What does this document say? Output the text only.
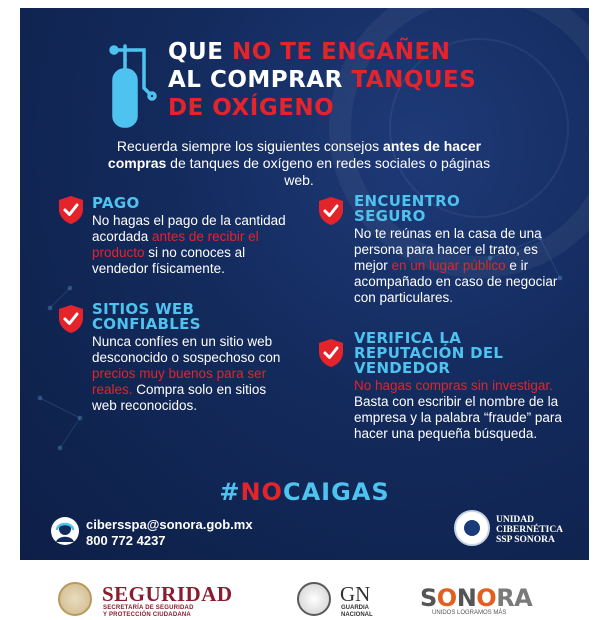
QUE NO TE ENGAÑEN
AL COMPRAR TANQUES
DE OXÍGENO
Recuerda siempre los siguientes consejos antes de hacer compras de tanques de oxígeno en redes sociales o páginas web.
PAGO
No hagas el pago de la cantidad acordada antes de recibir el producto si no conoces al vendedor físicamente.
SITIOS WEB CONFIABLES
Nunca confíes en un sitio web desconocido o sospechoso con precios muy buenos para ser reales. Compra solo en sitios web reconocidos.
ENCUENTRO SEGURO
No te reúnas en la casa de una persona para hacer el trato, es mejor en un lugar público e ir acompañado en caso de negociar con particulares.
VERIFICA LA REPUTACIÓN DEL VENDEDOR
No hagas compras sin investigar. Basta con escribir el nombre de la empresa y la palabra “fraude” para hacer una pequeña búsqueda.
#NOCAIGAS
cibersspa@sonora.gob.mx
800 772 4237
UNIDAD
CIBERNÉTICA
SSP SONORA
SEGURIDAD
SECRETARÍA DE SEGURIDAD
Y PROTECCIÓN CIUDADANA
GN
GUARDIA
NACIONAL
SONORA
UNIDOS LOGRAMOS MÁS
